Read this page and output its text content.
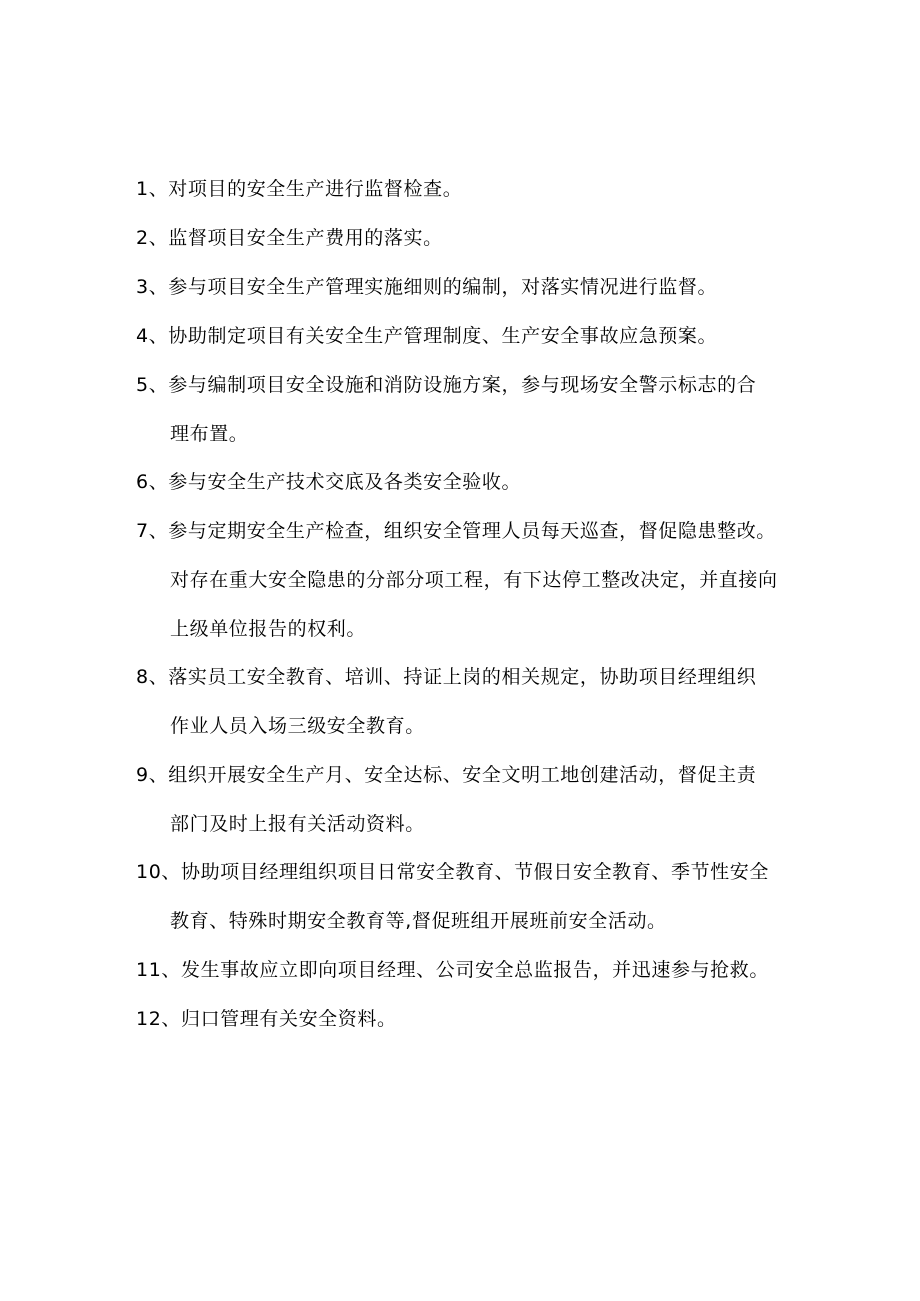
1、对项目的安全生产进行监督检查。
2、监督项目安全生产费用的落实。
3、参与项目安全生产管理实施细则的编制，对落实情况进行监督。
4、协助制定项目有关安全生产管理制度、生产安全事故应急预案。
5、参与编制项目安全设施和消防设施方案，参与现场安全警示标志的合
理布置。
6、参与安全生产技术交底及各类安全验收。
7、参与定期安全生产检查，组织安全管理人员每天巡查，督促隐患整改。
对存在重大安全隐患的分部分项工程，有下达停工整改决定，并直接向
上级单位报告的权利。
8、落实员工安全教育、培训、持证上岗的相关规定，协助项目经理组织
作业人员入场三级安全教育。
9、组织开展安全生产月、安全达标、安全文明工地创建活动，督促主责
部门及时上报有关活动资料。
10、协助项目经理组织项目日常安全教育、节假日安全教育、季节性安全
教育、特殊时期安全教育等,督促班组开展班前安全活动。
11、发生事故应立即向项目经理、公司安全总监报告，并迅速参与抢救。
12、归口管理有关安全资料。
